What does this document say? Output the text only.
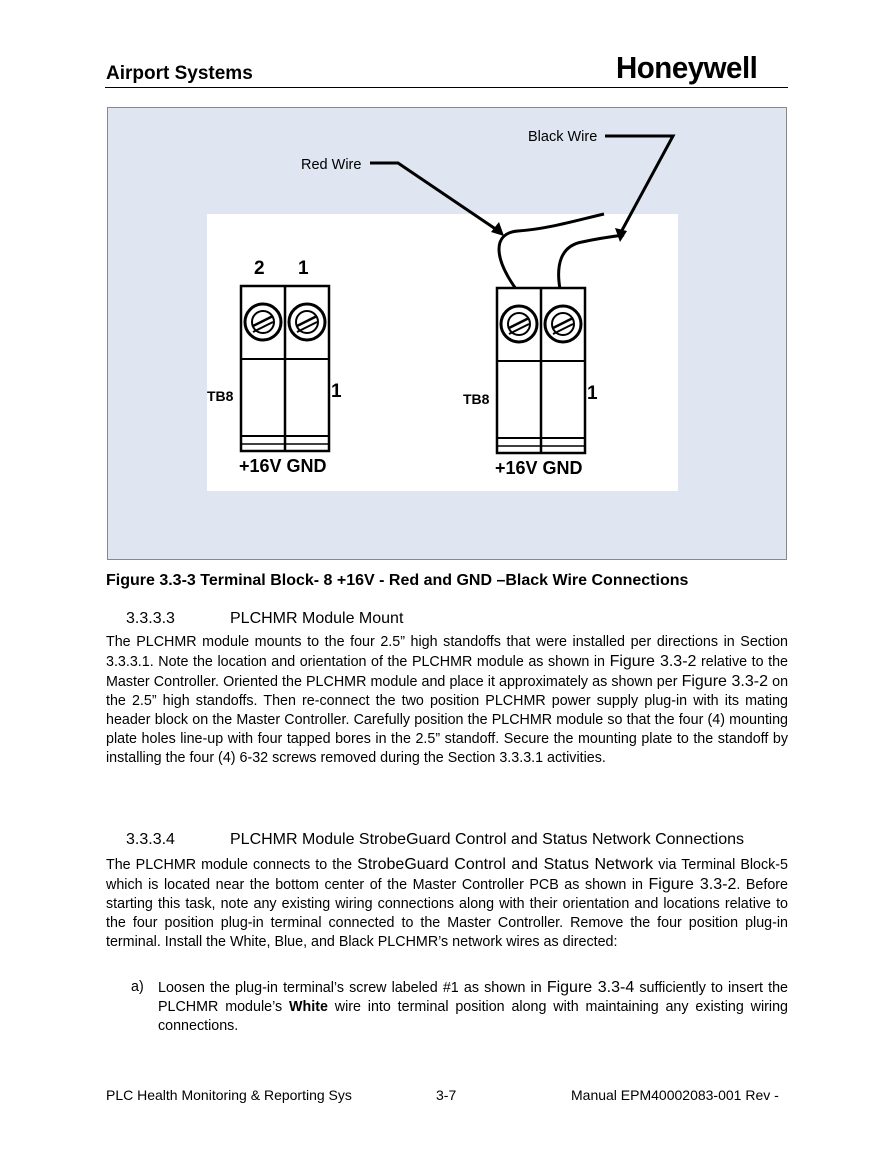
Airport Systems	Honeywell
Black Wire
Red Wire
2 1
TB8	1
+16V GND
TB8	1
+16V GND
Figure 3.3-3 Terminal Block- 8 +16V - Red and GND –Black Wire Connections
3.3.3.3	PLCHMR Module Mount
The PLCHMR module mounts to the four 2.5” high standoffs that were installed per directions in Section 3.3.3.1. Note the location and orientation of the PLCHMR module as shown in Figure 3.3-2 relative to the Master Controller. Oriented the PLCHMR module and place it approximately as shown per Figure 3.3-2 on the 2.5” high standoffs. Then re-connect the two position PLCHMR power supply plug-in with its mating header block on the Master Controller. Carefully position the PLCHMR module so that the four (4) mounting plate holes line-up with four tapped bores in the 2.5” standoff. Secure the mounting plate to the standoff by installing the four (4) 6-32 screws removed during the Section 3.3.3.1 activities.
3.3.3.4	PLCHMR Module StrobeGuard Control and Status Network Connections
The PLCHMR module connects to the StrobeGuard Control and Status Network via Terminal Block-5 which is located near the bottom center of the Master Controller PCB as shown in Figure 3.3-2. Before starting this task, note any existing wiring connections along with their orientation and locations relative to the four position plug-in terminal connected to the Master Controller. Remove the four position plug-in terminal. Install the White, Blue, and Black PLCHMR’s network wires as directed:
a) Loosen the plug-in terminal’s screw labeled #1 as shown in Figure 3.3-4 sufficiently to insert the PLCHMR module’s White wire into terminal position along with maintaining any existing wiring connections.
PLC Health Monitoring & Reporting Sys	3-7	Manual EPM40002083-001 Rev -
